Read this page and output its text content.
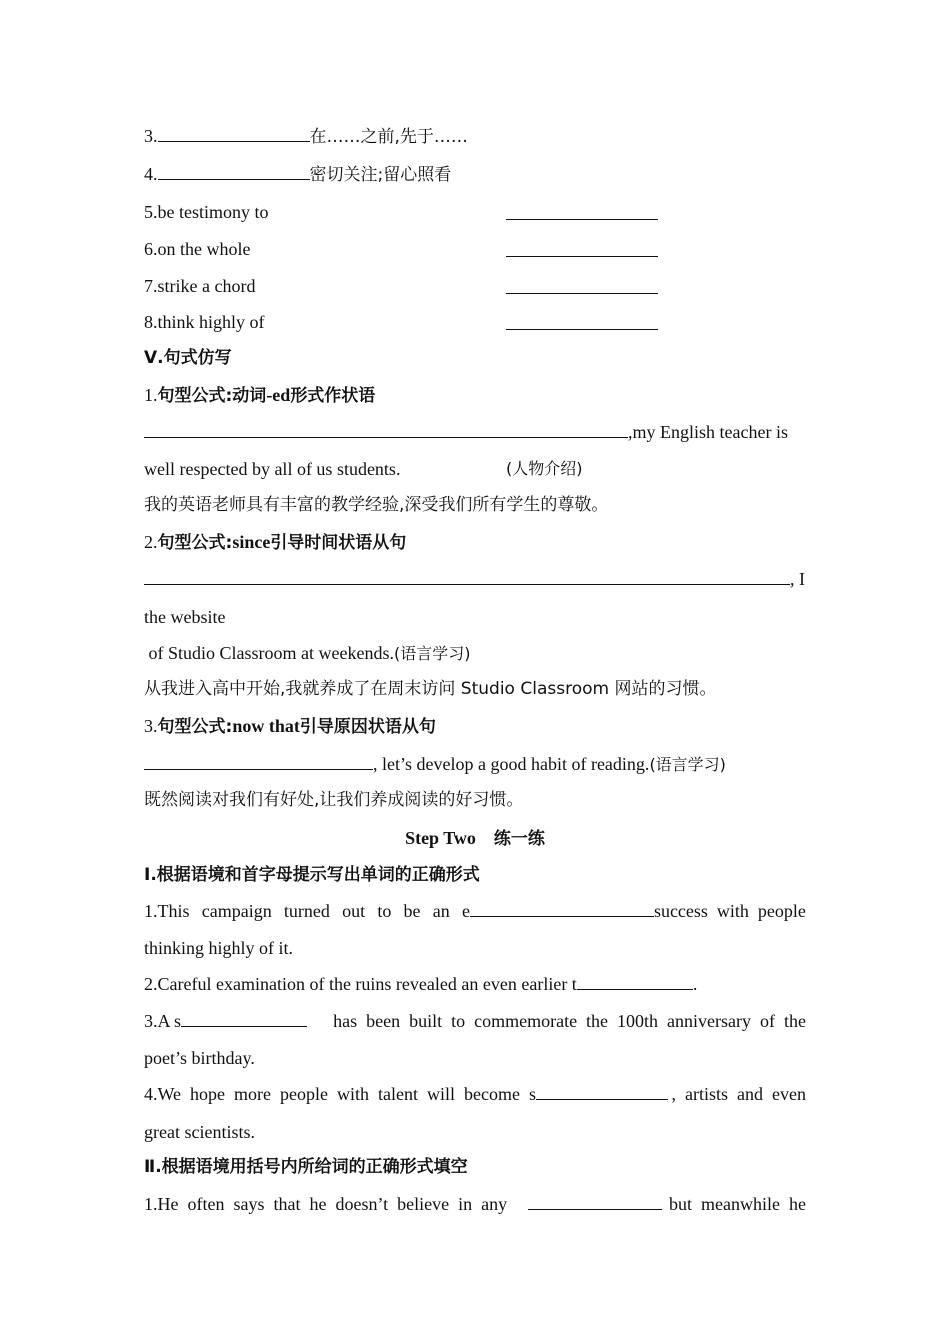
3.	在……之前,先于……
4.	密切关注;留心照看
5.be testimony to
6.on the whole
7.strike a chord
8.think highly of
Ⅴ.句式仿写
1.句型公式:动词-ed形式作状语
,my English teacher is
well respected by all of us students.	(人物介绍)
我的英语老师具有丰富的教学经验,深受我们所有学生的尊敬。
2.句型公式:since引导时间状语从句
, I
the website
of Studio Classroom at weekends.(语言学习)
从我进入高中开始,我就养成了在周末访问 Studio Classroom 网站的习惯。
3.句型公式:now that引导原因状语从句
, let’s develop a good habit of reading.(语言学习)
既然阅读对我们有好处,让我们养成阅读的好习惯。
Step Two 练一练
Ⅰ.根据语境和首字母提示写出单词的正确形式
1.This campaign turned out to be an e	success  with  people
thinking highly of it.
2.Careful examination of the ruins revealed an even earlier t	.
3.A s	has  been  built  to  commemorate  the  100th  anniversary  of  the
poet’s birthday.
4.We  hope  more  people  with  talent  will  become  s	,  artists  and  even
great scientists.
Ⅱ.根据语境用括号内所给词的正确形式填空
1.He  often  says  that  he  doesn’t  believe  in  any	but  meanwhile  he
